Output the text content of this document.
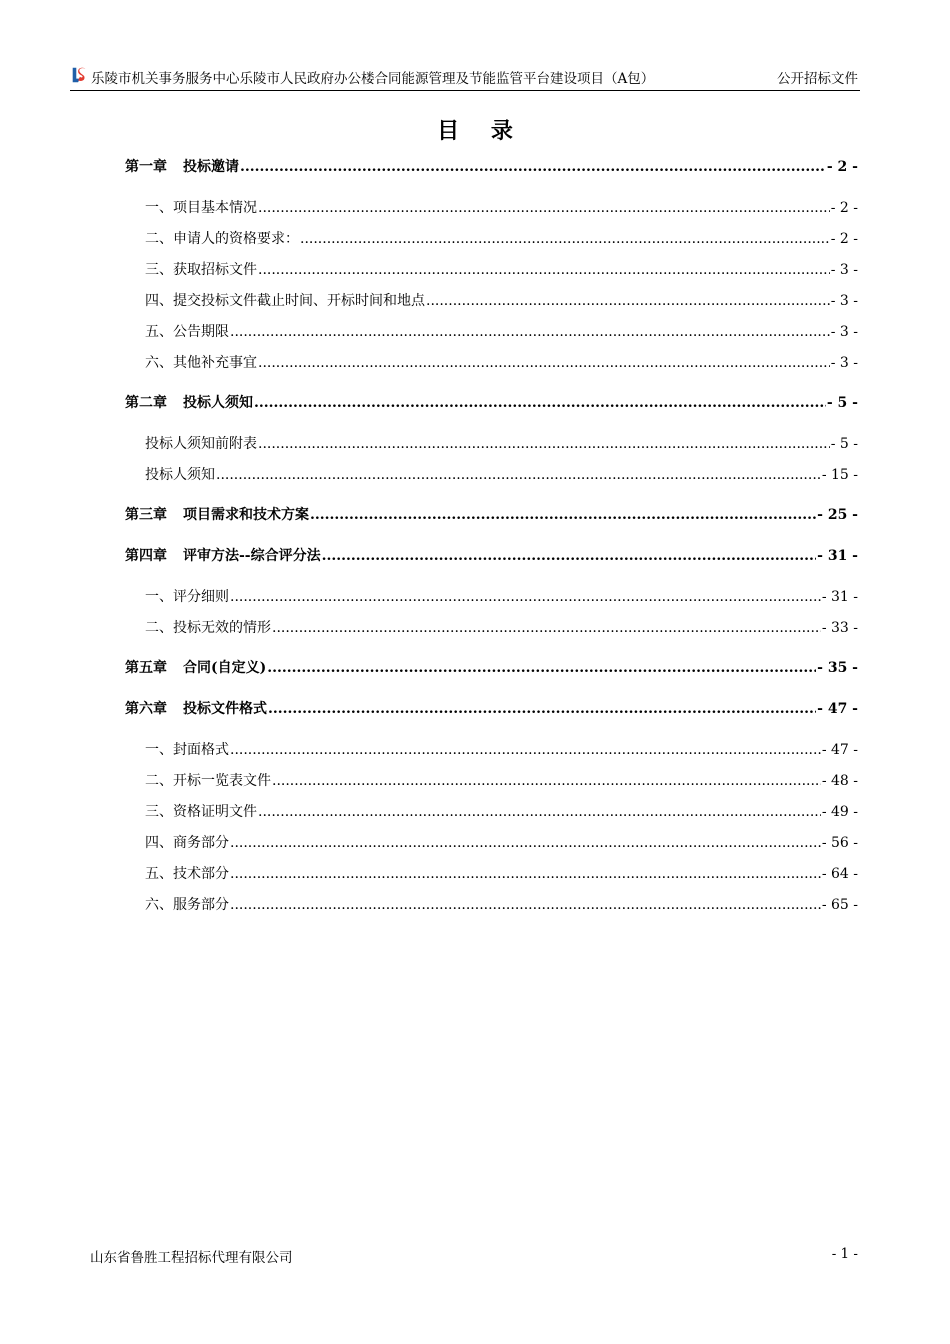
乐陵市机关事务服务中心乐陵市人民政府办公楼合同能源管理及节能监管平台建设项目（A包）	公开招标文件
目 录
第一章 投标邀请 .....	- 2 -
一、项目基本情况 .....	- 2 -
二、申请人的资格要求： .....	- 2 -
三、获取招标文件 .....	- 3 -
四、提交投标文件截止时间、开标时间和地点 .....	- 3 -
五、公告期限 .....	- 3 -
六、其他补充事宜 .....	- 3 -
第二章 投标人须知 .....	- 5 -
投标人须知前附表 .....	- 5 -
投标人须知 .....	- 15 -
第三章 项目需求和技术方案 .....	- 25 -
第四章 评审方法--综合评分法 .....	- 31 -
一、评分细则 .....	- 31 -
二、投标无效的情形 .....	- 33 -
第五章 合同(自定义) .....	- 35 -
第六章 投标文件格式 .....	- 47 -
一、封面格式 .....	- 47 -
二、开标一览表文件 .....	- 48 -
三、资格证明文件 .....	- 49 -
四、商务部分 .....	- 56 -
五、技术部分 .....	- 64 -
六、服务部分 .....	- 65 -
山东省鲁胜工程招标代理有限公司	- 1 -
